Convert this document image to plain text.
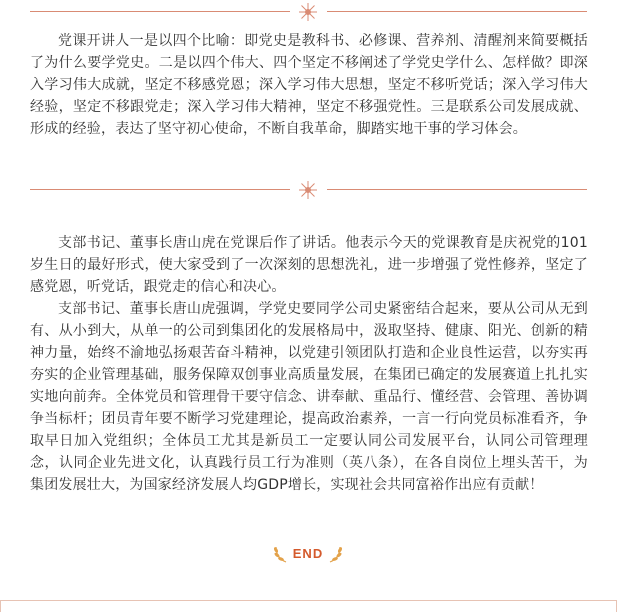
党课开讲人一是以四个比喻：即党史是教科书、必修课、营养剂、清醒剂来简要概括了为什么要学党史。二是以四个伟大、四个坚定不移阐述了学党史学什么、怎样做？即深入学习伟大成就，坚定不移感党恩；深入学习伟大思想，坚定不移听党话；深入学习伟大经验，坚定不移跟党走；深入学习伟大精神，坚定不移强党性。三是联系公司发展成就、形成的经验，表达了坚守初心使命，不断自我革命，脚踏实地干事的学习体会。

支部书记、董事长唐山虎在党课后作了讲话。他表示今天的党课教育是庆祝党的101岁生日的最好形式，使大家受到了一次深刻的思想洗礼，进一步增强了党性修养，坚定了感党恩，听党话，跟党走的信心和决心。

支部书记、董事长唐山虎强调，学党史要同学公司史紧密结合起来，要从公司从无到有、从小到大，从单一的公司到集团化的发展格局中，汲取坚持、健康、阳光、创新的精神力量，始终不渝地弘扬艰苦奋斗精神，以党建引领团队打造和企业良性运营，以夯实再夯实的企业管理基础，服务保障双创事业高质量发展，在集团已确定的发展赛道上扎扎实实地向前奔。全体党员和管理骨干要守信念、讲奉献、重品行、懂经营、会管理、善协调争当标杆；团员青年要不断学习党建理论，提高政治素养，一言一行向党员标准看齐，争取早日加入党组织；全体员工尤其是新员工一定要认同公司发展平台，认同公司管理理念，认同企业先进文化，认真践行员工行为准则（英八条），在各自岗位上埋头苦干，为集团发展壮大，为国家经济发展人均GDP增长，实现社会共同富裕作出应有贡献！

END
